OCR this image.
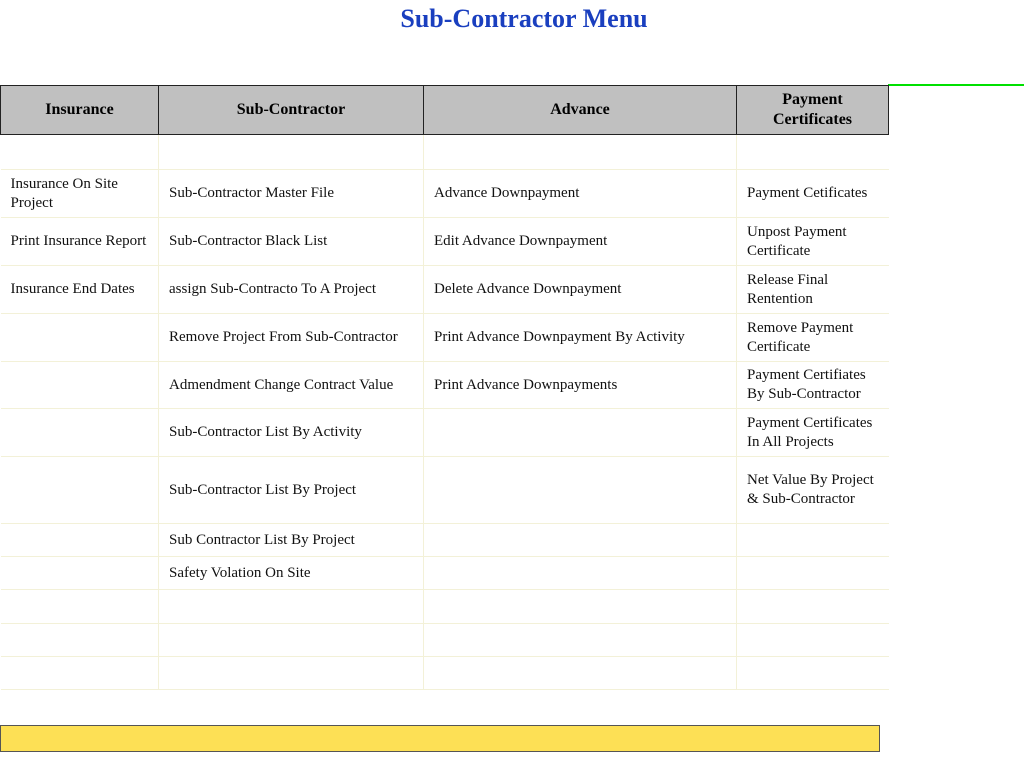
Sub-Contractor Menu
Insurance	Sub-Contractor	Advance	Payment Certificates

Insurance On Site Project	Sub-Contractor Master File	Advance Downpayment	Payment Cetificates
Print Insurance Report	Sub-Contractor Black List	Edit Advance Downpayment	Unpost Payment Certificate
Insurance End Dates	assign Sub-Contracto To A Project	Delete Advance Downpayment	Release Final Rentention
	Remove Project From Sub-Contractor	Print Advance Downpayment By Activity	Remove Payment Certificate
	Admendment Change Contract Value	Print Advance Downpayments	Payment Certifiates By Sub-Contractor
	Sub-Contractor List By Activity		Payment Certificates In All Projects
	Sub-Contractor List By Project		Net Value By Project & Sub-Contractor
	Sub Contractor List By Project		
	Safety Volation On Site		
